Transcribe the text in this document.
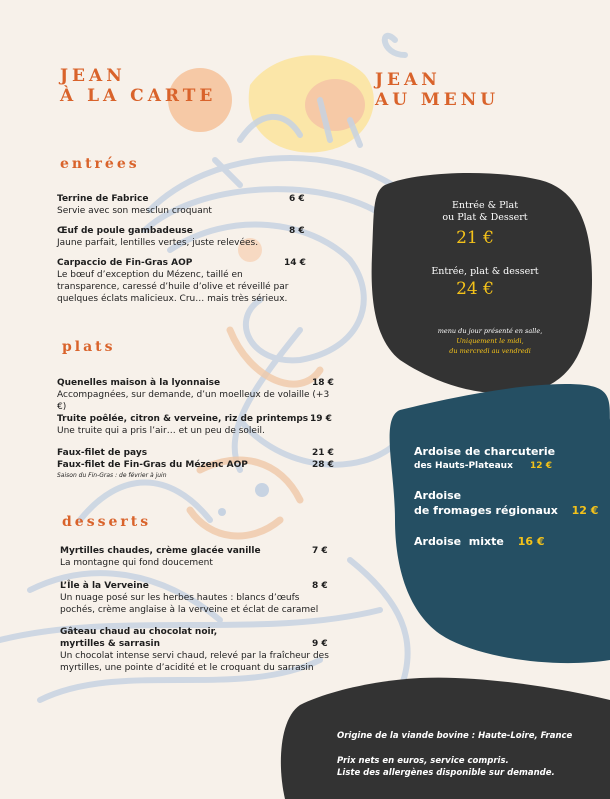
JEAN
À LA CARTE
JEAN
AU MENU
entrées
plats
desserts
Terrine de Fabrice	6 €
Servie avec son mesclun croquant
Œuf de poule gambadeuse	8 €
Jaune parfait, lentilles vertes, juste relevées.
Carpaccio de Fin-Gras AOP	14 €
Le bœuf d’exception du Mézenc, taillé en transparence, caressé d’huile d’olive et réveillé par quelques éclats malicieux. Cru… mais très sérieux.
Quenelles maison à la lyonnaise	18 €
Accompagnées, sur demande, d’un moelleux de volaille (+3 €)
Truite poêlée, citron & verveine, riz de printemps 19 €
Une truite qui a pris l’air… et un peu de soleil.
Faux-filet de pays	21 €
Faux-filet de Fin-Gras du Mézenc AOP	28 €
Saison du Fin-Gras : de février à juin
Myrtilles chaudes, crème glacée vanille	7 €
La montagne qui fond doucement
L’Île à la Verveine	8 €
Un nuage posé sur les herbes hautes : blancs d’œufs pochés, crème anglaise à la verveine et éclat de caramel
Gâteau chaud au chocolat noir, myrtilles & sarrasin	9 €
Un chocolat intense servi chaud, relevé par la fraîcheur des myrtilles, une pointe d’acidité et le croquant du sarrasin
Entrée & Plat
ou Plat & Dessert
21 €
Entrée, plat & dessert
24 €
menu du jour présenté en salle,
Uniquement le midi,
du mercredi au vendredi
Ardoise de charcuterie
des Hauts-Plateaux 12 €
Ardoise
de fromages régionaux 12 €
Ardoise  mixte 16 €
Origine de la viande bovine : Haute-Loire, France
Prix nets en euros, service compris.
Liste des allergènes disponible sur demande.
